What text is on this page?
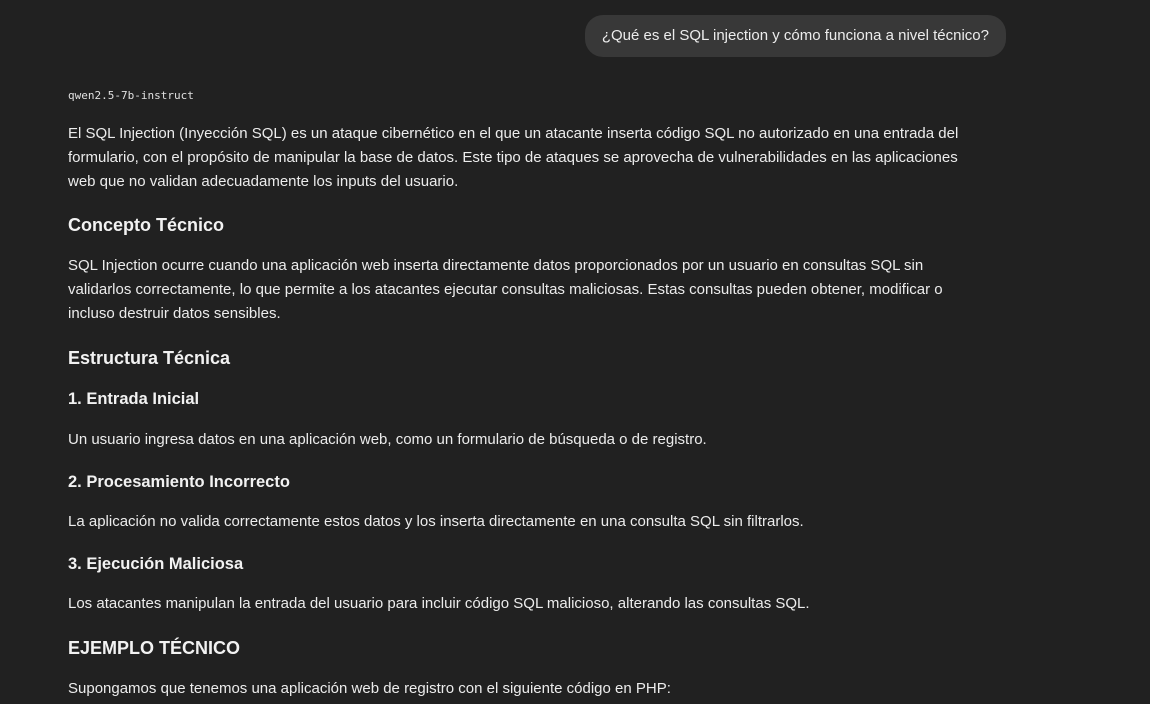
¿Qué es el SQL injection y cómo funciona a nivel técnico?
qwen2.5-7b-instruct

El SQL Injection (Inyección SQL) es un ataque cibernético en el que un atacante inserta código SQL no autorizado en una entrada del formulario, con el propósito de manipular la base de datos. Este tipo de ataques se aprovecha de vulnerabilidades en las aplicaciones web que no validan adecuadamente los inputs del usuario.

Concepto Técnico

SQL Injection ocurre cuando una aplicación web inserta directamente datos proporcionados por un usuario en consultas SQL sin validarlos correctamente, lo que permite a los atacantes ejecutar consultas maliciosas. Estas consultas pueden obtener, modificar o incluso destruir datos sensibles.

Estructura Técnica
1. Entrada Inicial

Un usuario ingresa datos en una aplicación web, como un formulario de búsqueda o de registro.

2. Procesamiento Incorrecto

La aplicación no valida correctamente estos datos y los inserta directamente en una consulta SQL sin filtrarlos.

3. Ejecución Maliciosa

Los atacantes manipulan la entrada del usuario para incluir código SQL malicioso, alterando las consultas SQL.

EJEMPLO TÉCNICO

Supongamos que tenemos una aplicación web de registro con el siguiente código en PHP:
